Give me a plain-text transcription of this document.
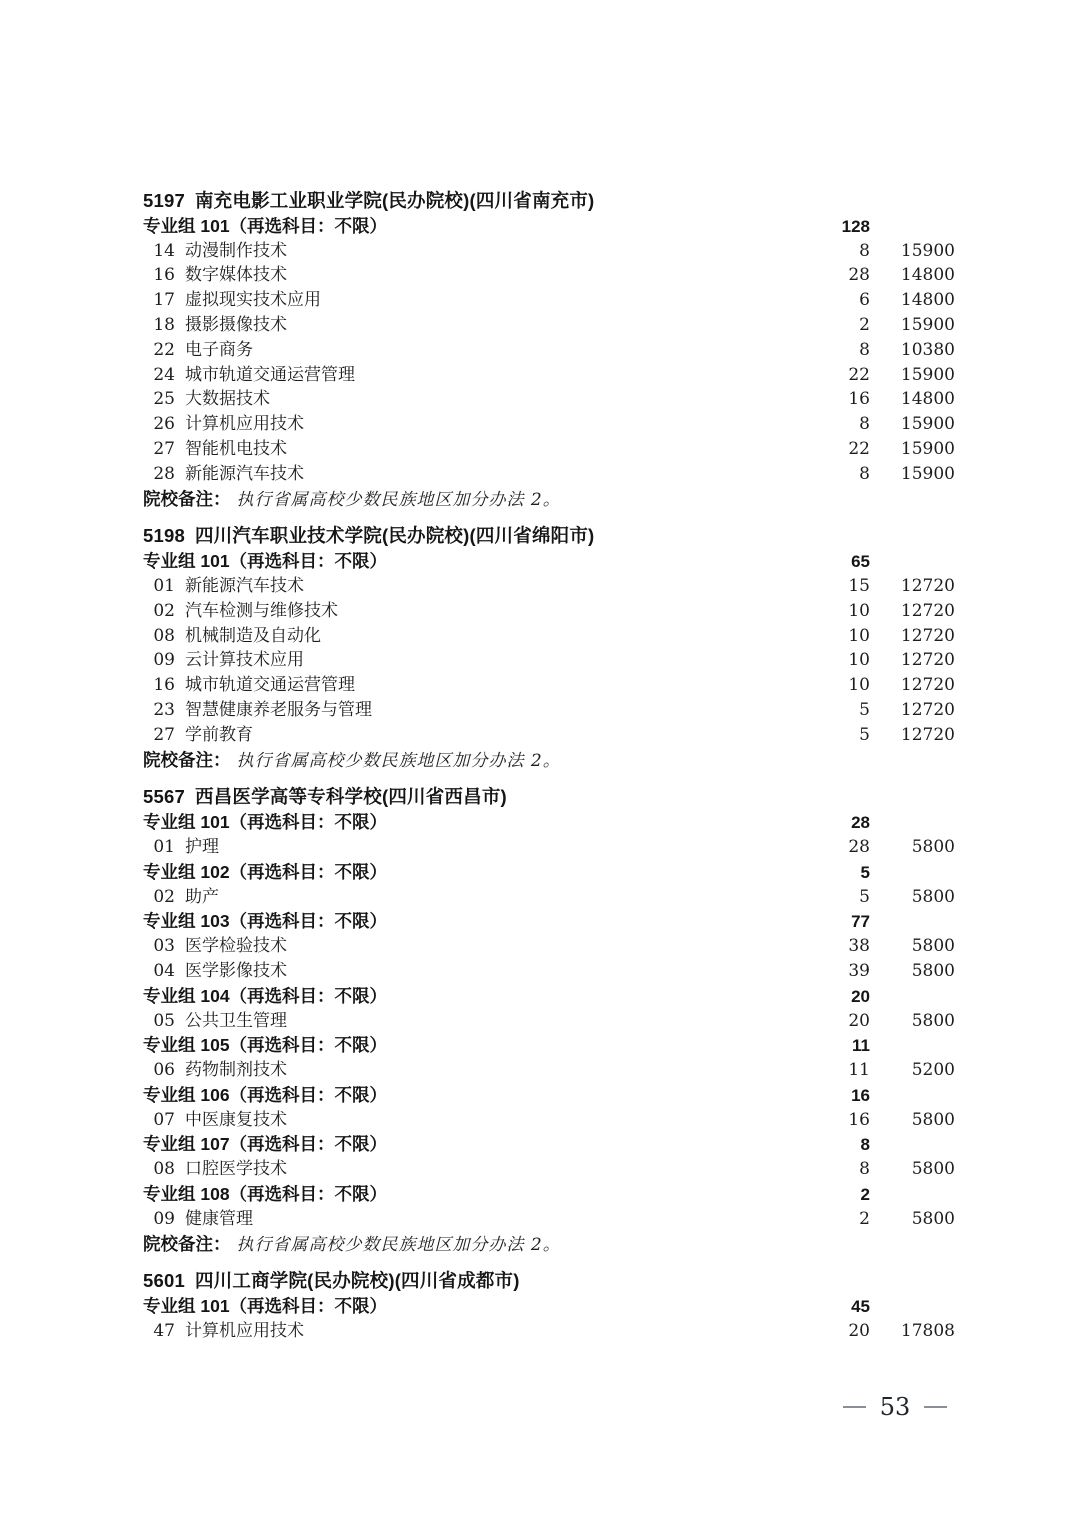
5197 南充电影工业职业学院(民办院校)(四川省南充市)
专业组 101（再选科目：不限）	128
14 动漫制作技术	8	15900
16 数字媒体技术	28	14800
17 虚拟现实技术应用	6	14800
18 摄影摄像技术	2	15900
22 电子商务	8	10380
24 城市轨道交通运营管理	22	15900
25 大数据技术	16	14800
26 计算机应用技术	8	15900
27 智能机电技术	22	15900
28 新能源汽车技术	8	15900
院校备注： 执行省属高校少数民族地区加分办法 2。
5198 四川汽车职业技术学院(民办院校)(四川省绵阳市)
专业组 101（再选科目：不限）	65
01 新能源汽车技术	15	12720
02 汽车检测与维修技术	10	12720
08 机械制造及自动化	10	12720
09 云计算技术应用	10	12720
16 城市轨道交通运营管理	10	12720
23 智慧健康养老服务与管理	5	12720
27 学前教育	5	12720
院校备注： 执行省属高校少数民族地区加分办法 2。
5567 西昌医学高等专科学校(四川省西昌市)
专业组 101（再选科目：不限）	28
01 护理	28	5800
专业组 102（再选科目：不限）	5
02 助产	5	5800
专业组 103（再选科目：不限）	77
03 医学检验技术	38	5800
04 医学影像技术	39	5800
专业组 104（再选科目：不限）	20
05 公共卫生管理	20	5800
专业组 105（再选科目：不限）	11
06 药物制剂技术	11	5200
专业组 106（再选科目：不限）	16
07 中医康复技术	16	5800
专业组 107（再选科目：不限）	8
08 口腔医学技术	8	5800
专业组 108（再选科目：不限）	2
09 健康管理	2	5800
院校备注： 执行省属高校少数民族地区加分办法 2。
5601 四川工商学院(民办院校)(四川省成都市)
专业组 101（再选科目：不限）	45
47 计算机应用技术	20	17808
53
